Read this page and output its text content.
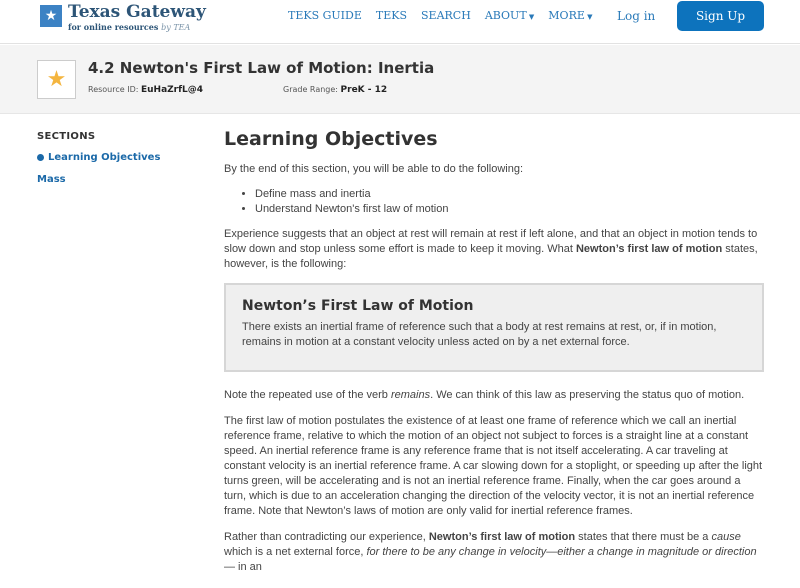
★ Texas Gateway
for online resources by TEA
TEKS GUIDE TEKS SEARCH ABOUT ▼ MORE ▼ Log in	Sign Up
★	4.2 Newton's First Law of Motion: Inertia
Resource ID: EuHaZrfL@4	Grade Range: PreK - 12
SECTIONS
Learning Objectives
Mass
Learning Objectives

By the end of this section, you will be able to do the following:

• Define mass and inertia
• Understand Newton's first law of motion

Experience suggests that an object at rest will remain at rest if left alone, and that an object in motion tends to slow down and stop unless some effort is made to keep it moving. What Newton’s first law of motion states, however, is the following:

Newton’s First Law of Motion

There exists an inertial frame of reference such that a body at rest remains at rest, or, if in motion, remains in motion at a constant velocity unless acted on by a net external force.

Note the repeated use of the verb remains. We can think of this law as preserving the status quo of motion.

The first law of motion postulates the existence of at least one frame of reference which we call an inertial reference frame, relative to which the motion of an object not subject to forces is a straight line at a constant speed. An inertial reference frame is any reference frame that is not itself accelerating. A car traveling at constant velocity is an inertial reference frame. A car slowing down for a stoplight, or speeding up after the light turns green, will be accelerating and is not an inertial reference frame. Finally, when the car goes around a turn, which is due to an acceleration changing the direction of the velocity vector, it is not an inertial reference frame. Note that Newton’s laws of motion are only valid for inertial reference frames.

Rather than contradicting our experience, Newton’s first law of motion states that there must be a cause which is a net external force, for there to be any change in velocity—either a change in magnitude or direction— in an
